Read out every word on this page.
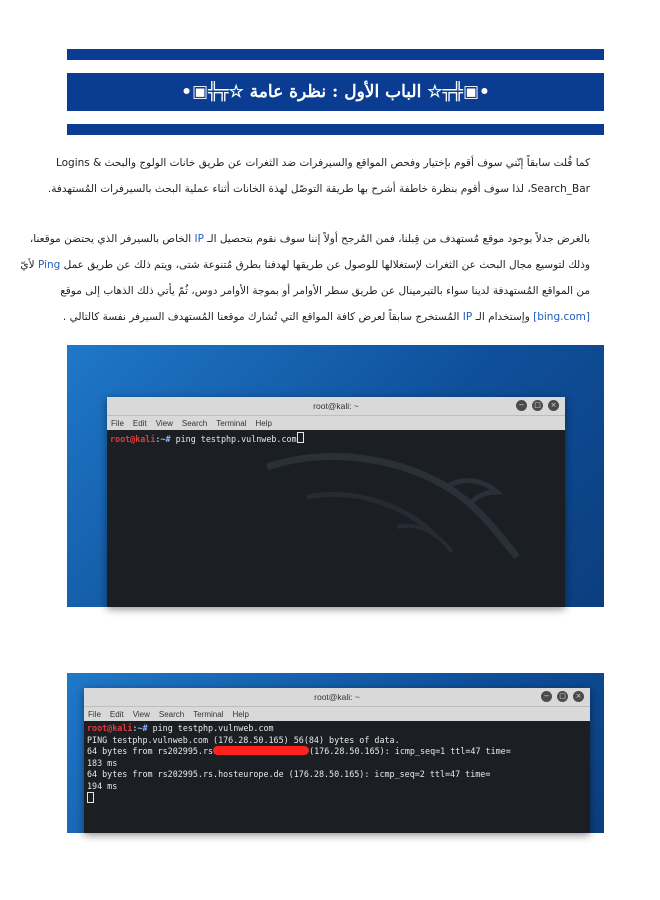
•▣╬╦☆ الباب الأول : نظرة عامة ☆╦╬▣•

كما قُلت سابقاً إنّني سوف أقوم بإختيار وفحص المواقع والسيرفرات ضد الثغرات عن طريق خانات الولوج والبحث & Logins
Search_Bar، لذا سوف أقوم بنظرة خاطفة أشرح بها طريقة التوصّل لهذة الخانات أثناء عملية البحث بالسيرفرات المُستهدفة.

بالغرض جدلاً بوجود موقع مُستهدف من قِبلنا، فمن المُرجح أولاً إننا سوف نقوم بتحصيل الـ IP الخاص بالسيرفر الذي يحتضن موقعنا،
وذلك لتوسيع مجال البحث عن الثغرات لإستغلالها للوصول عن طريقها لهدفنا بطرق مُتنوعة شتى، ويتم ذلك عن طريق عمل Ping لأيّ
من المواقع المُستهدفة لدينا سواء بالتيرمينال عن طريق سطر الأوامر أو بموجة الأوامر دوس، ثُمّ يأتي ذلك الذهاب إلى موقع
[bing.com] وإستخدام الـ IP المُستخرج سابقاً لعرض كافة المواقع التي تُشارك موقعنا المُستهدف السيرفر نفسة كالتالي .

root@kali: ~	−	□	×
File Edit View Search Terminal Help
root@kali:~# ping testphp.vulnweb.com
root@kali: ~	−	□	×
File Edit View Search Terminal Help
root@kali:~# ping testphp.vulnweb.com
PING testphp.vulnweb.com (176.28.50.165) 56(84) bytes of data.
64 bytes from rs202995.rs	(176.28.50.165): icmp_seq=1 ttl=47 time=
183 ms
64 bytes from rs202995.rs.hosteurope.de (176.28.50.165): icmp_seq=2 ttl=47 time=
194 ms
